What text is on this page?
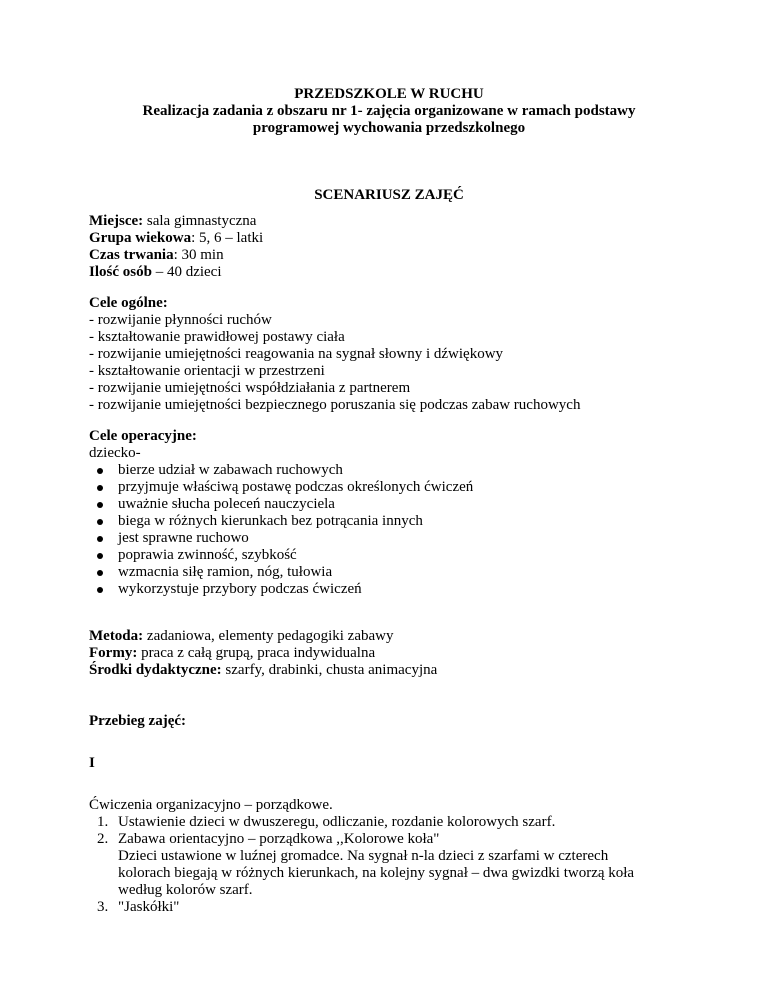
PRZEDSZKOLE W RUCHU
Realizacja zadania z obszaru nr 1- zajęcia organizowane w ramach podstawy
programowej wychowania przedszkolnego
SCENARIUSZ ZAJĘĆ
Miejsce: sala gimnastyczna
Grupa wiekowa: 5, 6 – latki
Czas trwania: 30 min
Ilość osób – 40 dzieci
Cele ogólne:
- rozwijanie płynności ruchów
- kształtowanie prawidłowej postawy ciała
- rozwijanie umiejętności reagowania na sygnał słowny i dźwiękowy
- kształtowanie orientacji w przestrzeni
- rozwijanie umiejętności współdziałania z partnerem
- rozwijanie umiejętności bezpiecznego poruszania się podczas zabaw ruchowych
Cele operacyjne:
dziecko-
bierze udział w zabawach ruchowych
przyjmuje właściwą postawę podczas określonych ćwiczeń
uważnie słucha poleceń nauczyciela
biega w różnych kierunkach bez potrącania innych
jest sprawne ruchowo
poprawia zwinność, szybkość
wzmacnia siłę ramion, nóg, tułowia
wykorzystuje przybory podczas ćwiczeń
Metoda: zadaniowa, elementy pedagogiki zabawy
Formy: praca z całą grupą, praca indywidualna
Środki dydaktyczne: szarfy, drabinki, chusta animacyjna
Przebieg zajęć:
I
Ćwiczenia organizacyjno – porządkowe.
1. Ustawienie dzieci w dwuszeregu, odliczanie, rozdanie kolorowych szarf.
2. Zabawa orientacyjno – porządkowa ,,Kolorowe koła"
Dzieci ustawione w luźnej gromadce. Na sygnał n-la dzieci z szarfami w czterech
kolorach biegają w różnych kierunkach, na kolejny sygnał – dwa gwizdki tworzą koła
według kolorów szarf.
3. "Jaskółki"
